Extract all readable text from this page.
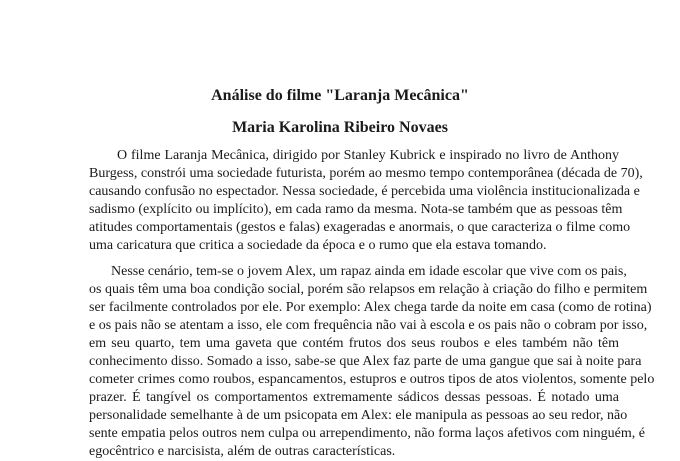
Análise do filme "Laranja Mecânica"
Maria Karolina Ribeiro Novaes
O filme Laranja Mecânica, dirigido por Stanley Kubrick e inspirado no livro de Anthony
Burgess, constrói uma sociedade futurista, porém ao mesmo tempo contemporânea (década de 70),
causando confusão no espectador. Nessa sociedade, é percebida uma violência institucionalizada e
sadismo (explícito ou implícito), em cada ramo da mesma. Nota-se também que as pessoas têm
atitudes comportamentais (gestos e falas) exageradas e anormais, o que caracteriza o filme como
uma caricatura que critica a sociedade da época e o rumo que ela estava tomando.
Nesse cenário, tem-se o jovem Alex, um rapaz ainda em idade escolar que vive com os pais,
os quais têm uma boa condição social, porém são relapsos em relação à criação do filho e permitem
ser facilmente controlados por ele. Por exemplo: Alex chega tarde da noite em casa (como de rotina)
e os pais não se atentam a isso, ele com frequência não vai à escola e os pais não o cobram por isso,
em seu quarto, tem uma gaveta que contém frutos dos seus roubos e eles também não têm
conhecimento disso. Somado a isso, sabe-se que Alex faz parte de uma gangue que sai à noite para
cometer crimes como roubos, espancamentos, estupros e outros tipos de atos violentos, somente pelo
prazer. É tangível os comportamentos extremamente sádicos dessas pessoas. É notado uma
personalidade semelhante à de um psicopata em Alex: ele manipula as pessoas ao seu redor, não
sente empatia pelos outros nem culpa ou arrependimento, não forma laços afetivos com ninguém, é
egocêntrico e narcisista, além de outras características.
